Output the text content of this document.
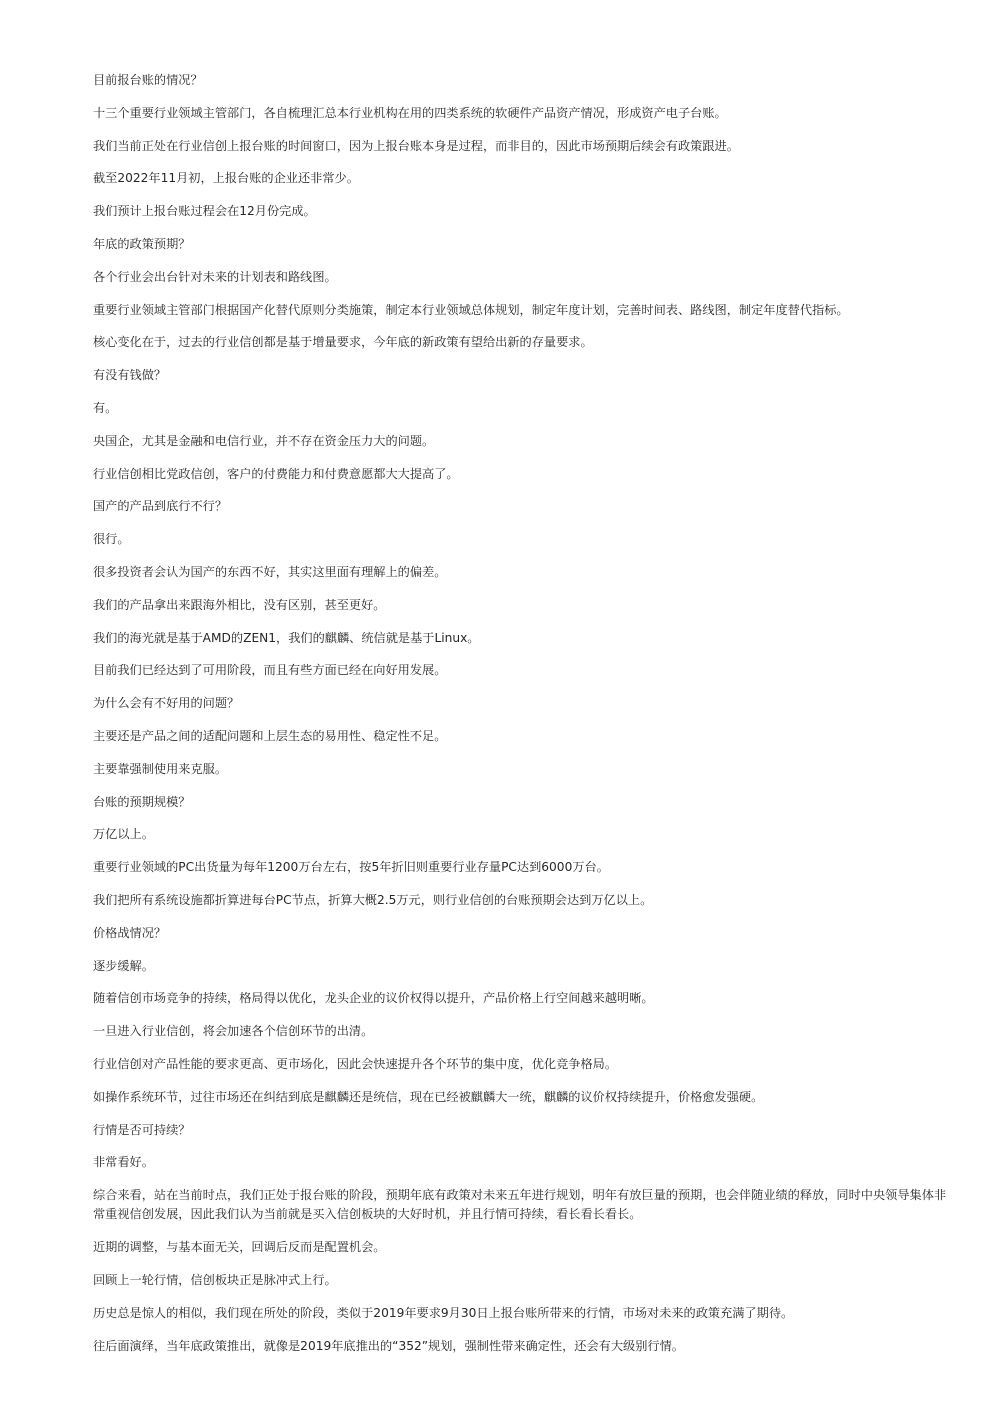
目前报台账的情况？

十三个重要行业领域主管部门，各自梳理汇总本行业机构在用的四类系统的软硬件产品资产情况，形成资产电子台账。

我们当前正处在行业信创上报台账的时间窗口，因为上报台账本身是过程，而非目的，因此市场预期后续会有政策跟进。

截至2022年11月初，上报台账的企业还非常少。

我们预计上报台账过程会在12月份完成。

年底的政策预期？

各个行业会出台针对未来的计划表和路线图。

重要行业领域主管部门根据国产化替代原则分类施策，制定本行业领域总体规划，制定年度计划，完善时间表、路线图，制定年度替代指标。

核心变化在于，过去的行业信创都是基于增量要求，今年底的新政策有望给出新的存量要求。

有没有钱做？

有。

央国企，尤其是金融和电信行业，并不存在资金压力大的问题。

行业信创相比党政信创，客户的付费能力和付费意愿都大大提高了。

国产的产品到底行不行？

很行。

很多投资者会认为国产的东西不好，其实这里面有理解上的偏差。

我们的产品拿出来跟海外相比，没有区别，甚至更好。

我们的海光就是基于AMD的ZEN1，我们的麒麟、统信就是基于Linux。

目前我们已经达到了可用阶段，而且有些方面已经在向好用发展。

为什么会有不好用的问题？

主要还是产品之间的适配问题和上层生态的易用性、稳定性不足。

主要靠强制使用来克服。

台账的预期规模？

万亿以上。

重要行业领域的PC出货量为每年1200万台左右，按5年折旧则重要行业存量PC达到6000万台。

我们把所有系统设施都折算进每台PC节点，折算大概2.5万元，则行业信创的台账预期会达到万亿以上。

价格战情况？

逐步缓解。

随着信创市场竞争的持续，格局得以优化，龙头企业的议价权得以提升，产品价格上行空间越来越明晰。

一旦进入行业信创，将会加速各个信创环节的出清。

行业信创对产品性能的要求更高、更市场化，因此会快速提升各个环节的集中度，优化竞争格局。

如操作系统环节，过往市场还在纠结到底是麒麟还是统信，现在已经被麒麟大一统，麒麟的议价权持续提升，价格愈发强硬。

行情是否可持续？

非常看好。

综合来看，站在当前时点，我们正处于报台账的阶段，预期年底有政策对未来五年进行规划，明年有放巨量的预期，也会伴随业绩的释放，同时中央领导集体非常重视信创发展，因此我们认为当前就是买入信创板块的大好时机，并且行情可持续，看长看长看长。

近期的调整，与基本面无关，回调后反而是配置机会。

回顾上一轮行情，信创板块正是脉冲式上行。

历史总是惊人的相似，我们现在所处的阶段，类似于2019年要求9月30日上报台账所带来的行情，市场对未来的政策充满了期待。

往后面演绎，当年底政策推出，就像是2019年底推出的“352”规划，强制性带来确定性，还会有大级别行情。
